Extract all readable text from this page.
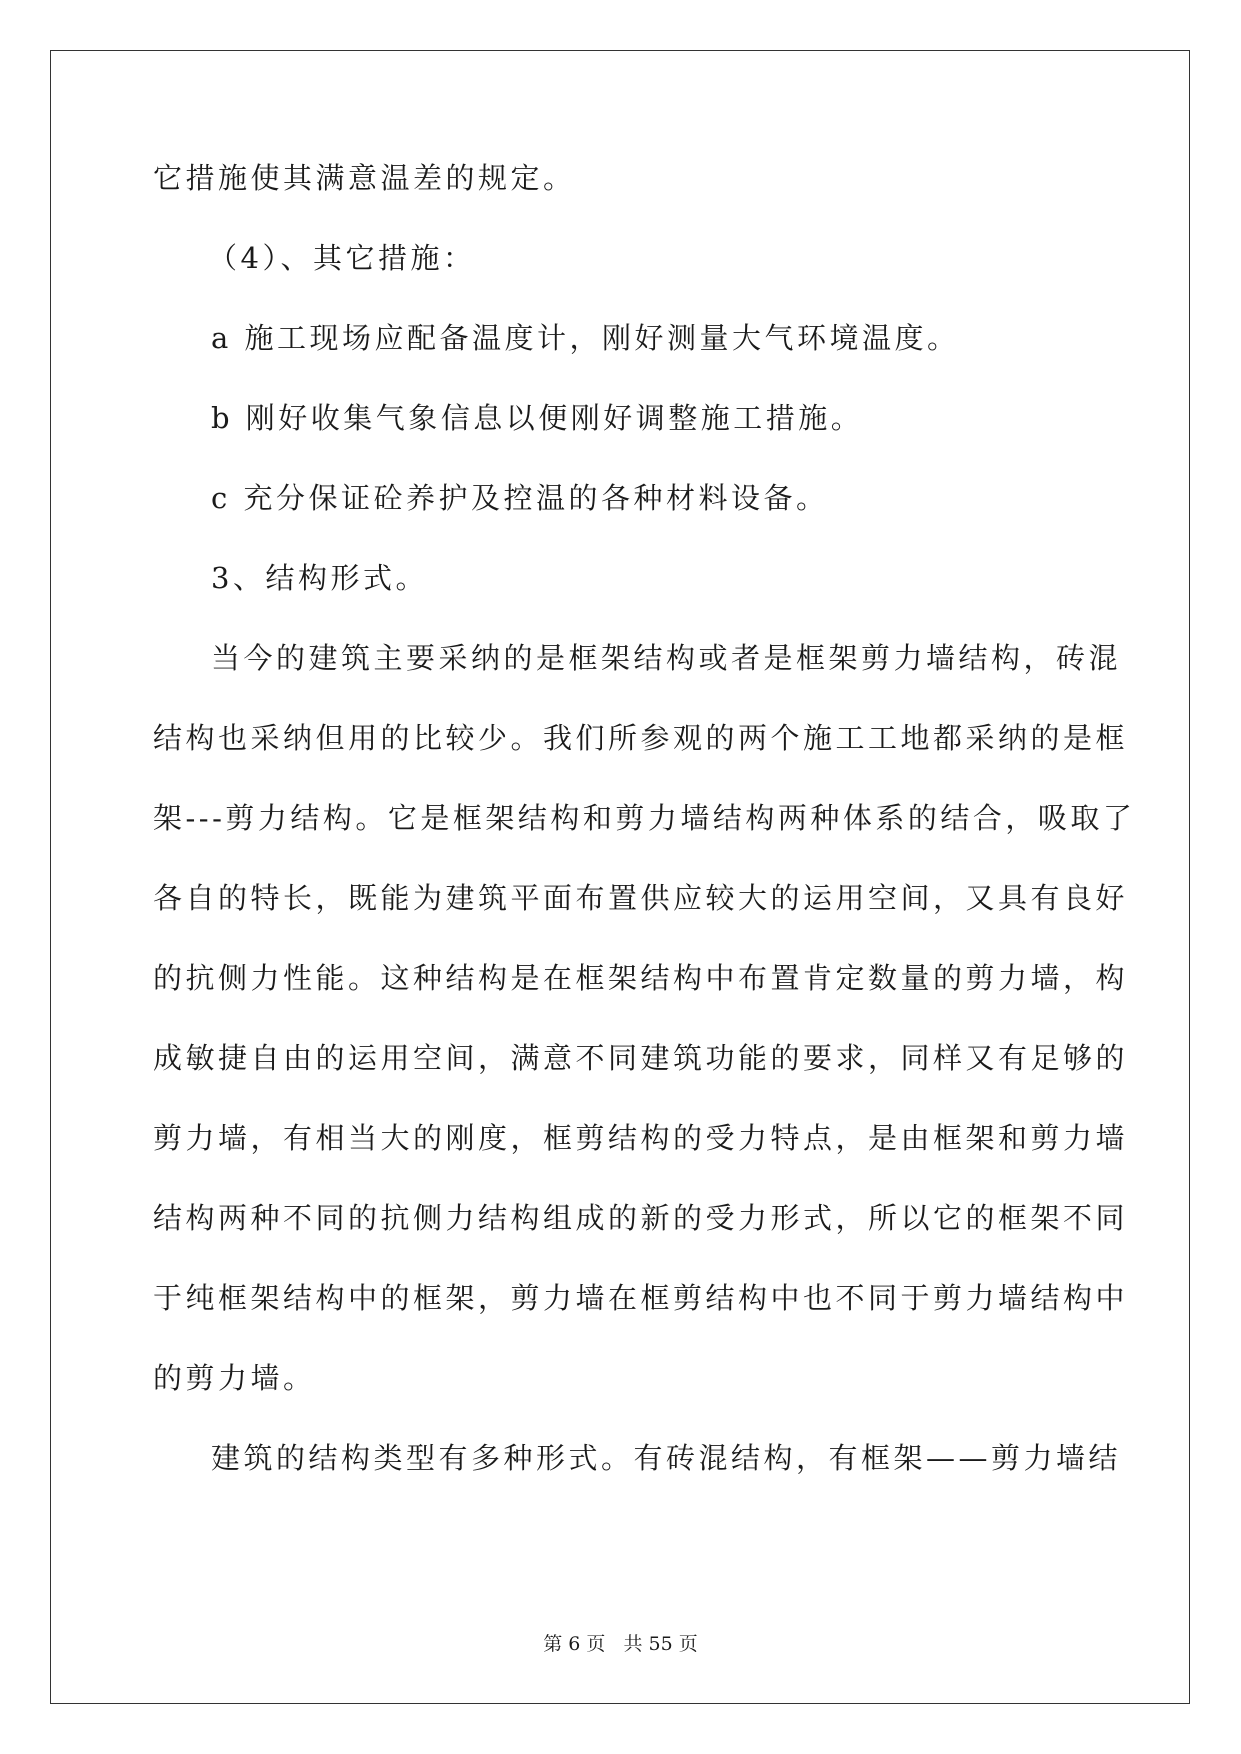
它措施使其满意温差的规定。
（4）、其它措施：
a 施工现场应配备温度计，刚好测量大气环境温度。
b 刚好收集气象信息以便刚好调整施工措施。
c 充分保证砼养护及控温的各种材料设备。
3、结构形式。
当今的建筑主要采纳的是框架结构或者是框架剪力墙结构，砖混
结构也采纳但用的比较少。我们所参观的两个施工工地都采纳的是框
架---剪力结构。它是框架结构和剪力墙结构两种体系的结合，吸取了
各自的特长，既能为建筑平面布置供应较大的运用空间，又具有良好
的抗侧力性能。这种结构是在框架结构中布置肯定数量的剪力墙，构
成敏捷自由的运用空间，满意不同建筑功能的要求，同样又有足够的
剪力墙，有相当大的刚度，框剪结构的受力特点，是由框架和剪力墙
结构两种不同的抗侧力结构组成的新的受力形式，所以它的框架不同
于纯框架结构中的框架，剪力墙在框剪结构中也不同于剪力墙结构中
的剪力墙。
建筑的结构类型有多种形式。有砖混结构，有框架——剪力墙结
第 6 页 共 55 页
